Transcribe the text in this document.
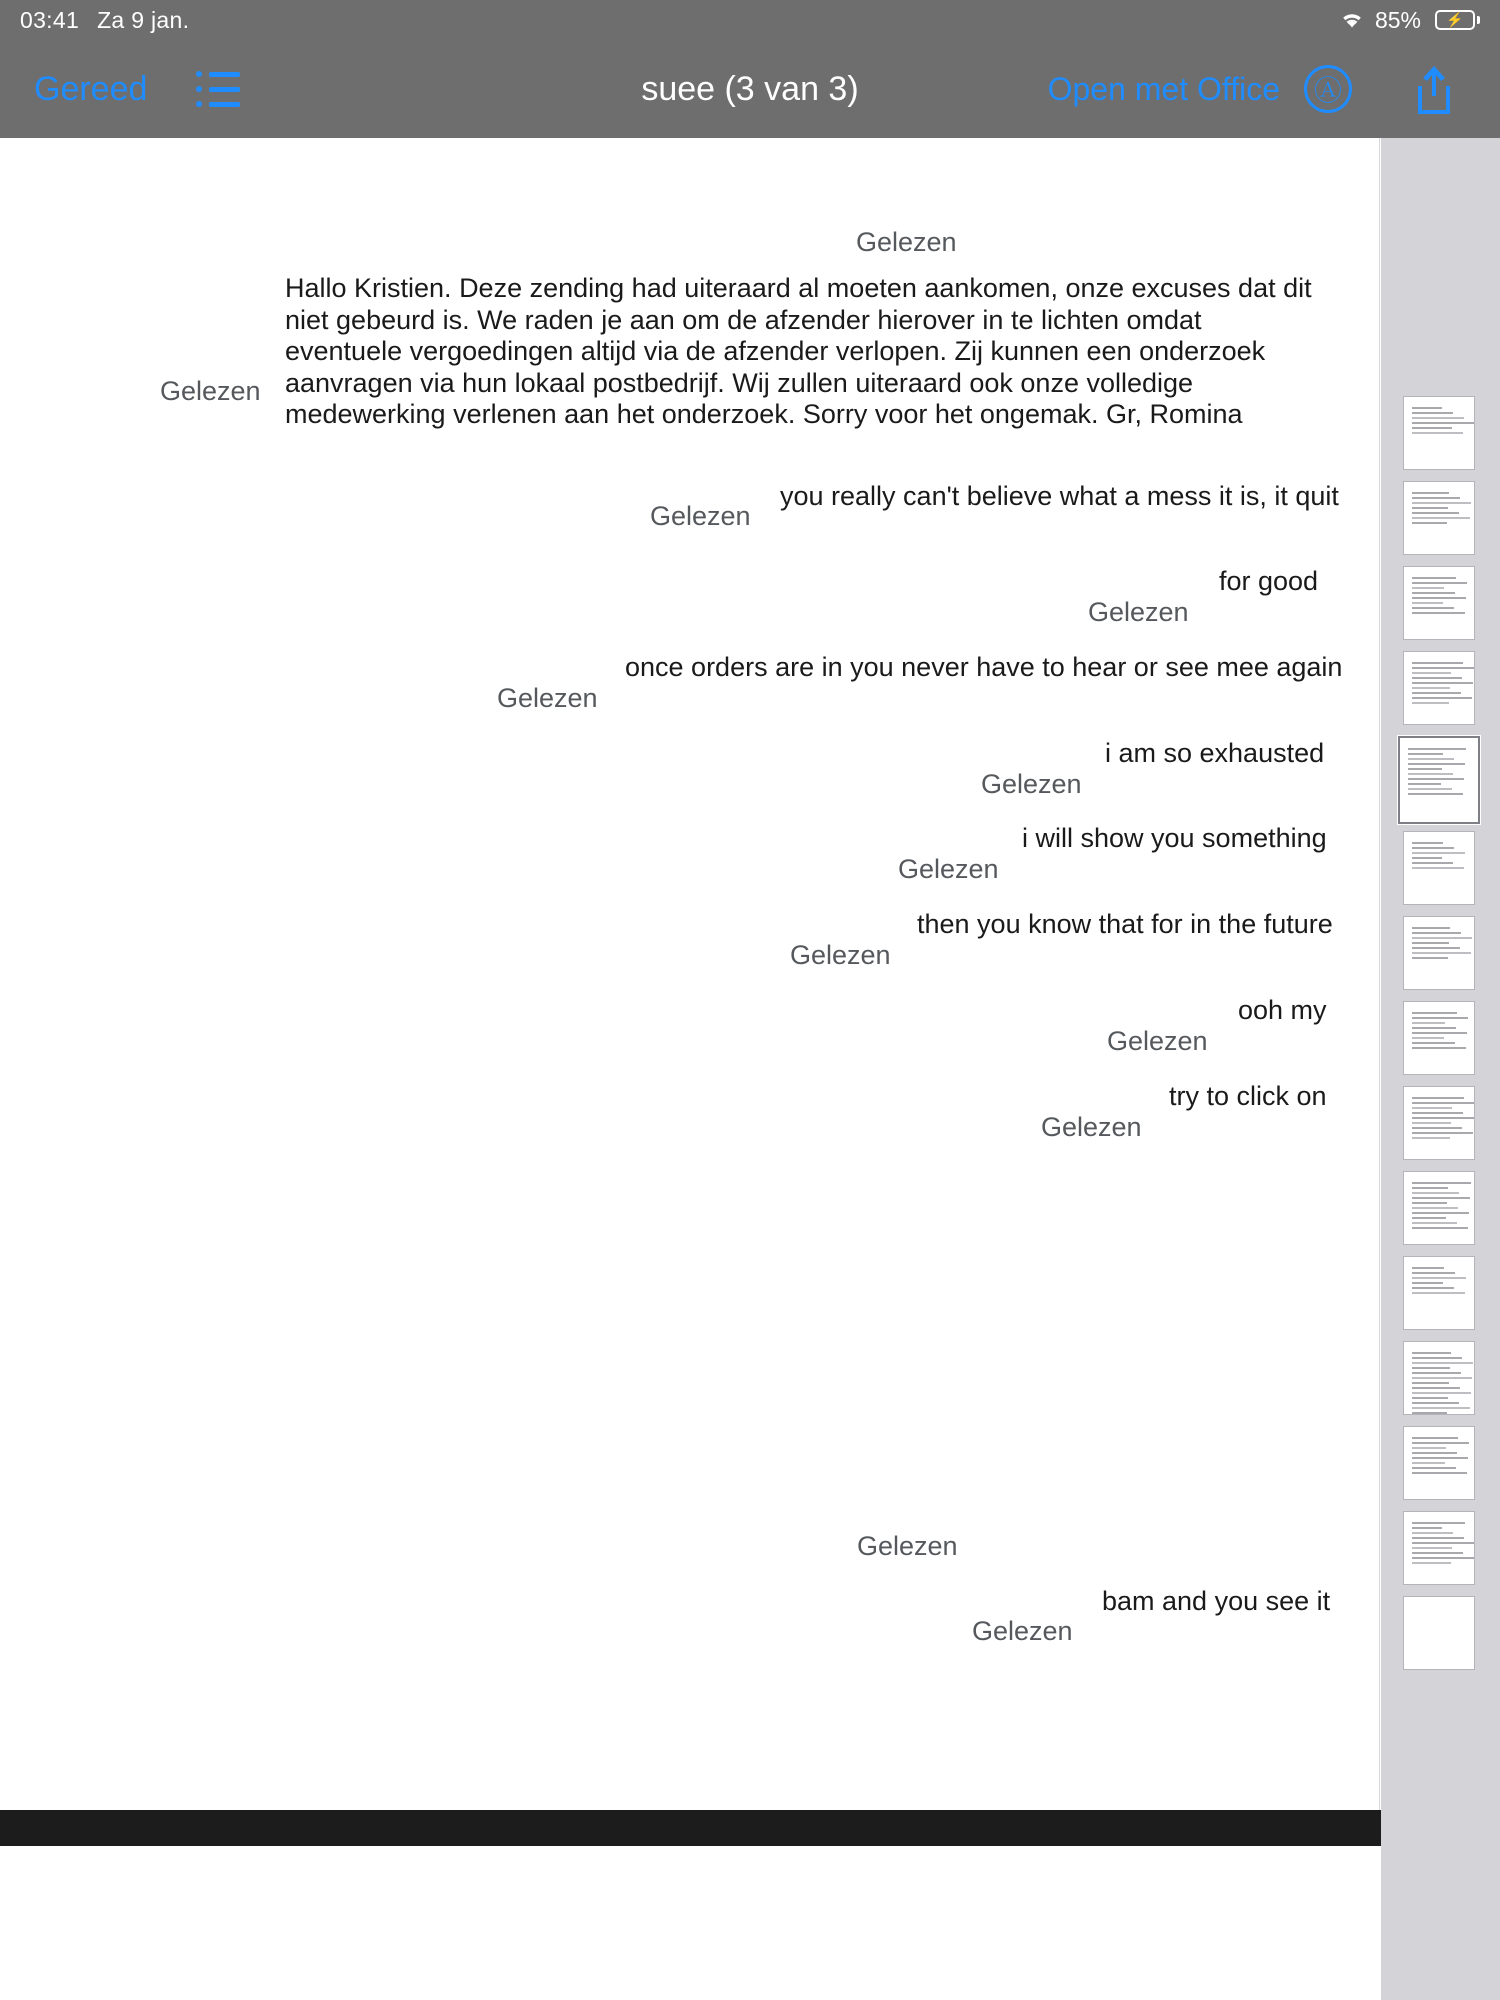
03:41 Za 9 jan.	85% ⚡
suee (3 van 3)
Gereed	Open met Office	Ⓐ
Gelezen
Hallo Kristien. Deze zending had uiteraard al moeten aankomen, onze excuses dat dit niet gebeurd is. We raden je aan om de afzender hierover in te lichten omdat eventuele vergoedingen altijd via de afzender verlopen. Zij kunnen een onderzoek aanvragen via hun lokaal postbedrijf. Wij zullen uiteraard ook onze volledige medewerking verlenen aan het onderzoek. Sorry voor het ongemak. Gr, Romina
Gelezen
Gelezen
you really can't believe what a mess it is, it quit
Gelezen
for good
Gelezen
once orders are in you never have to hear or see mee again
Gelezen
i am so exhausted
Gelezen
i will show you something
Gelezen
then you know that for in the future
Gelezen
ooh my
Gelezen
try to click on
Gelezen
Gelezen
bam and you see it
